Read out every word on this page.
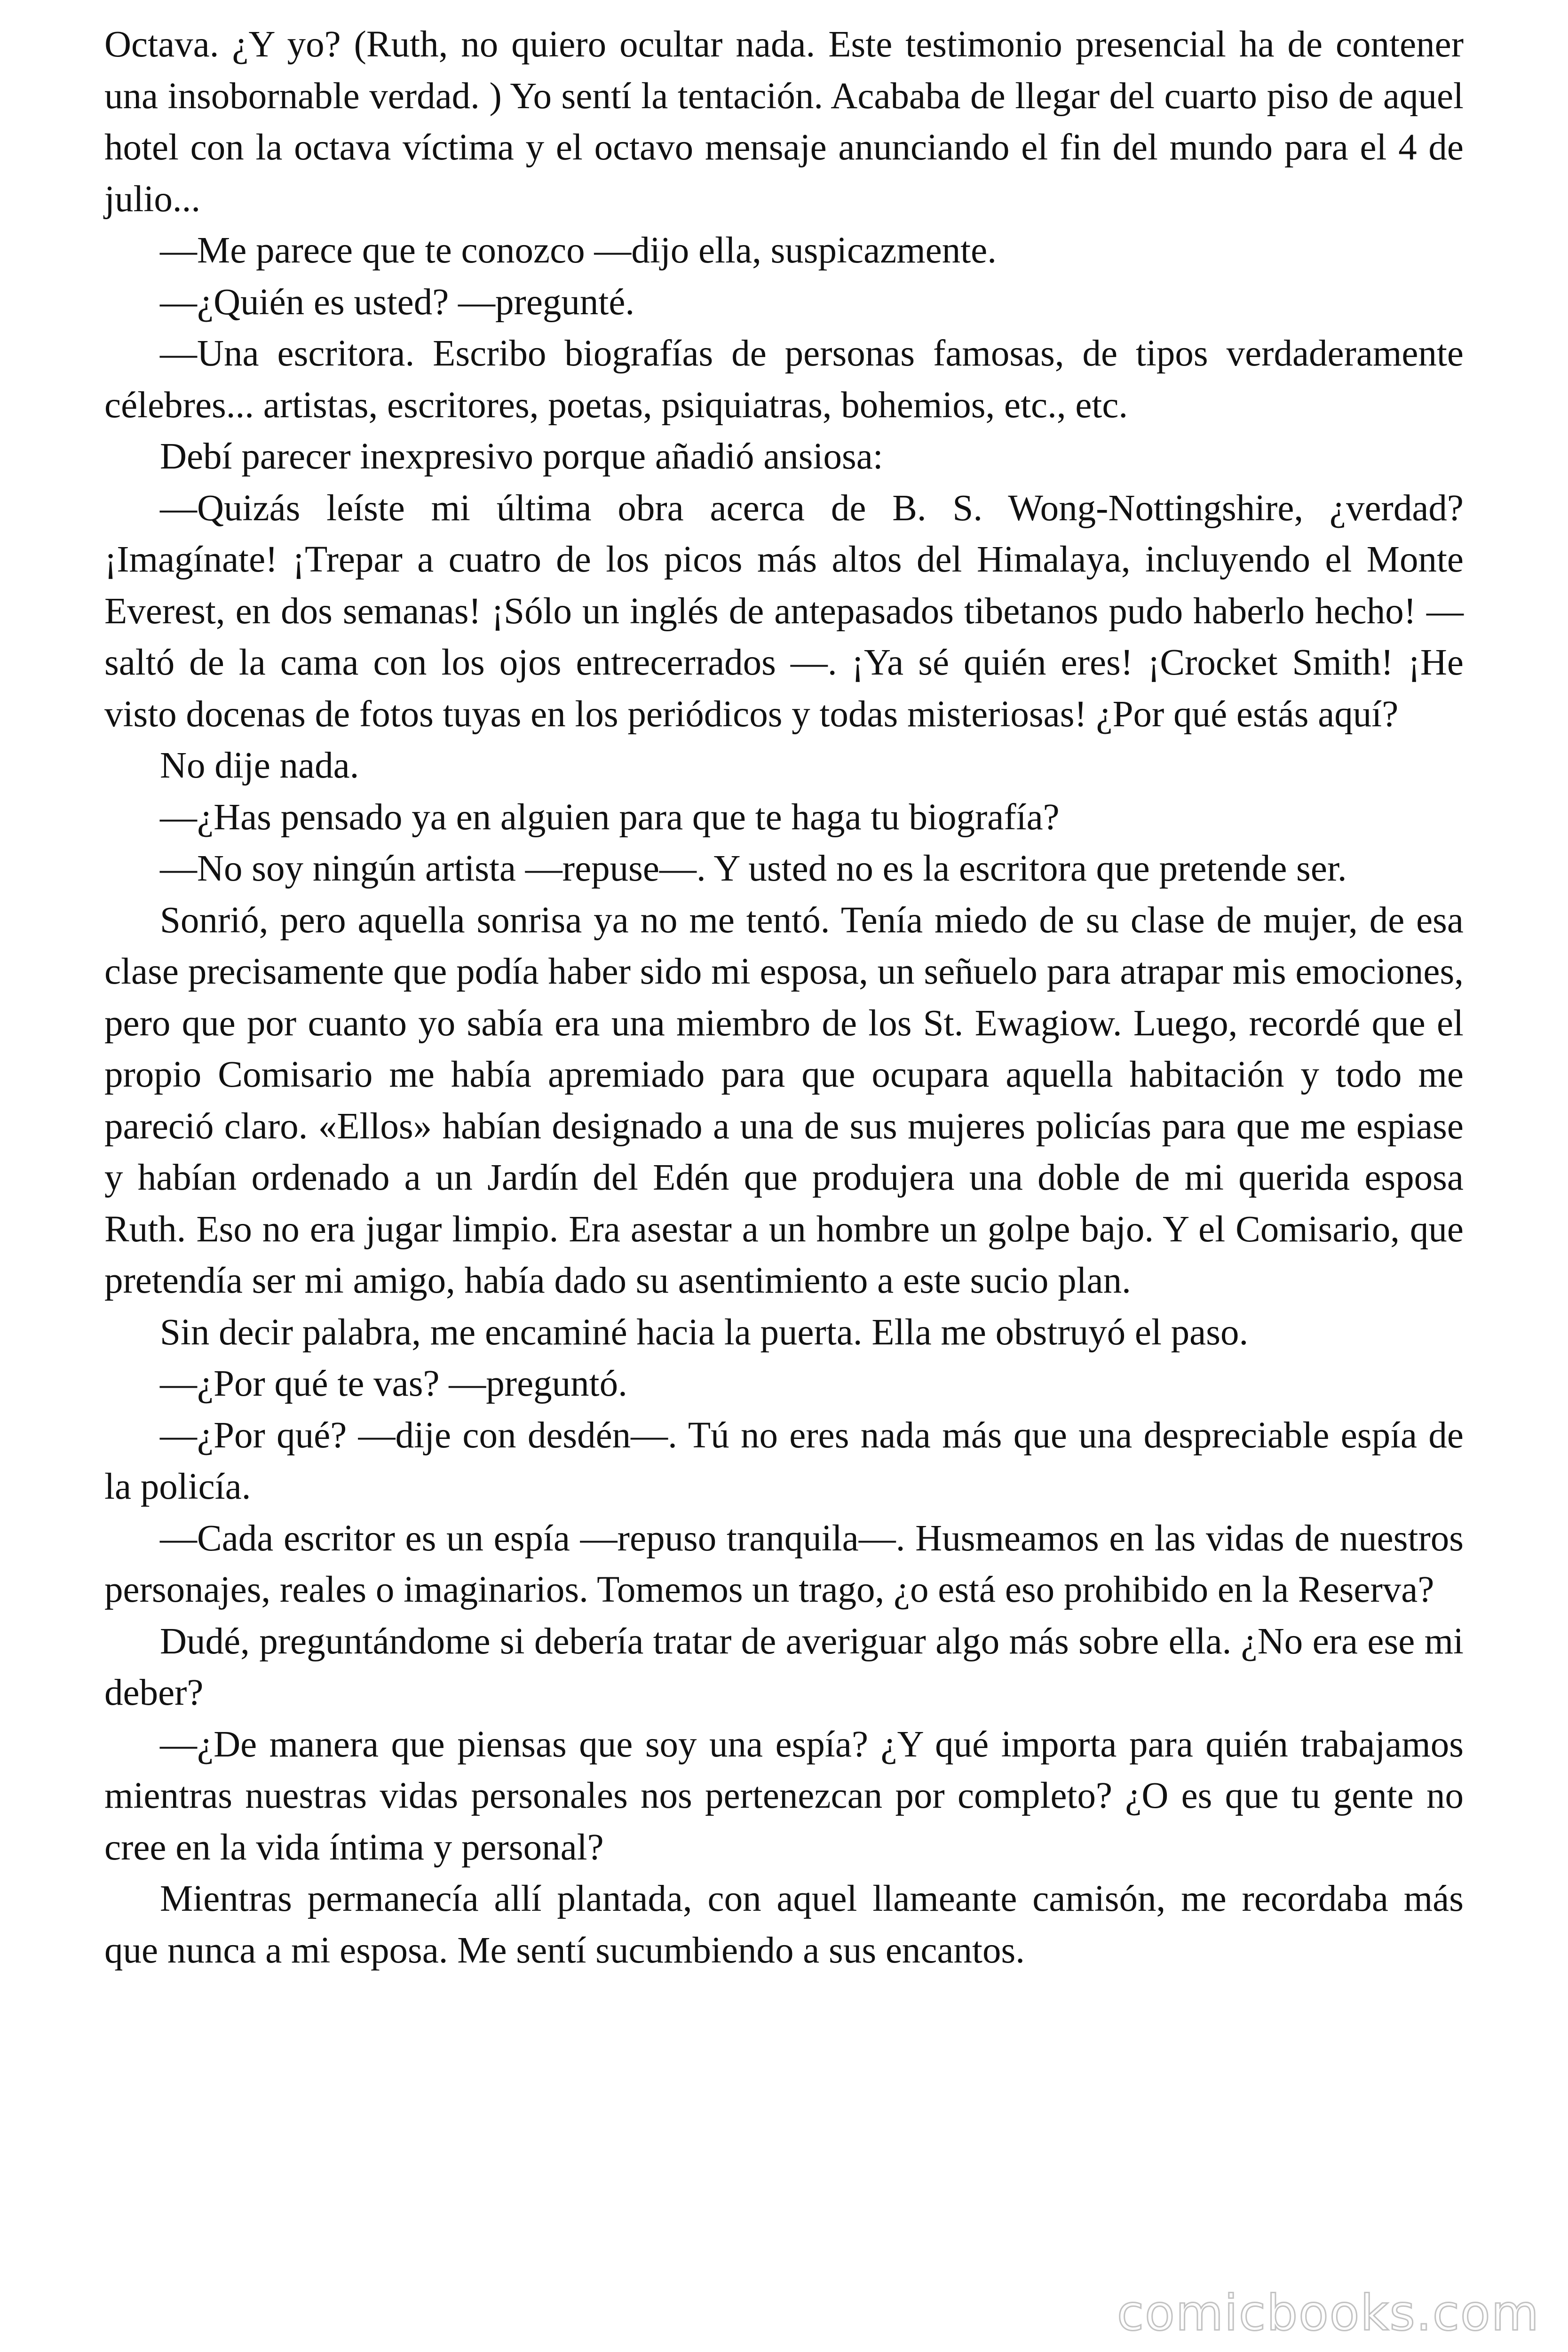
Octava. ¿Y yo? (Ruth, no quiero ocultar nada. Este testimonio presencial ha de contener una insobornable verdad. ) Yo sentí la tentación. Acababa de llegar del cuarto piso de aquel hotel con la octava víctima y el octavo mensaje anunciando el fin del mundo para el 4 de julio...

—Me parece que te conozco —dijo ella, suspicazmente.

—¿Quién es usted? —pregunté.

—Una escritora. Escribo biografías de personas famosas, de tipos verdaderamente célebres... artistas, escritores, poetas, psiquiatras, bohemios, etc., etc.

Debí parecer inexpresivo porque añadió ansiosa:

—Quizás leíste mi última obra acerca de B. S. Wong-Nottingshire, ¿verdad? ¡Imagínate! ¡Trepar a cuatro de los picos más altos del Himalaya, incluyendo el Monte Everest, en dos semanas! ¡Sólo un inglés de antepasados tibetanos pudo haberlo hecho! —saltó de la cama con los ojos entrecerrados —. ¡Ya sé quién eres! ¡Crocket Smith! ¡He visto docenas de fotos tuyas en los periódicos y todas misteriosas! ¿Por qué estás aquí?

No dije nada.

—¿Has pensado ya en alguien para que te haga tu biografía?

—No soy ningún artista —repuse—. Y usted no es la escritora que pretende ser.

Sonrió, pero aquella sonrisa ya no me tentó. Tenía miedo de su clase de mujer, de esa clase precisamente que podía haber sido mi esposa, un señuelo para atrapar mis emociones, pero que por cuanto yo sabía era una miembro de los St. Ewagiow. Luego, recordé que el propio Comisario me había apremiado para que ocupara aquella habitación y todo me pareció claro. «Ellos» habían designado a una de sus mujeres policías para que me espiase y habían ordenado a un Jardín del Edén que produjera una doble de mi querida esposa Ruth. Eso no era jugar limpio. Era asestar a un hombre un golpe bajo. Y el Comisario, que pretendía ser mi amigo, había dado su asentimiento a este sucio plan.

Sin decir palabra, me encaminé hacia la puerta. Ella me obstruyó el paso.

—¿Por qué te vas? —preguntó.

—¿Por qué? —dije con desdén—. Tú no eres nada más que una despreciable espía de la policía.

—Cada escritor es un espía —repuso tranquila—. Husmeamos en las vidas de nuestros personajes, reales o imaginarios. Tomemos un trago, ¿o está eso prohibido en la Reserva?

Dudé, preguntándome si debería tratar de averiguar algo más sobre ella. ¿No era ese mi deber?

—¿De manera que piensas que soy una espía? ¿Y qué importa para quién trabajamos mientras nuestras vidas personales nos pertenezcan por completo? ¿O es que tu gente no cree en la vida íntima y personal?

Mientras permanecía allí plantada, con aquel llameante camisón, me recordaba más que nunca a mi esposa. Me sentí sucumbiendo a sus encantos.

comicbooks.com
